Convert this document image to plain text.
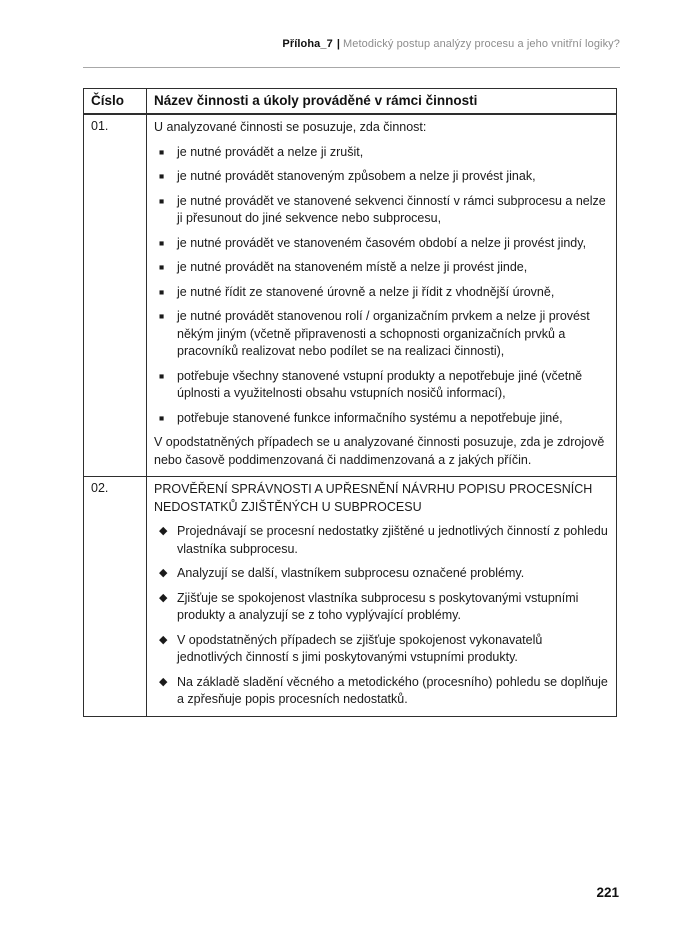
Příloha_7 | Metodický postup analýzy procesu a jeho vnitřní logiky?
Číslo	Název činnosti a úkoly prováděné v rámci činnosti
01.	U analyzované činnosti se posuzuje, zda činnost:

■	je nutné provádět a nelze ji zrušit,
■	je nutné provádět stanoveným způsobem a nelze ji provést jinak,
■	je nutné provádět ve stanovené sekvenci činností v rámci subprocesu a nelze ji přesunout do jiné sekvence nebo subprocesu,
■	je nutné provádět ve stanoveném časovém období a nelze ji provést jindy,
■	je nutné provádět na stanoveném místě a nelze ji provést jinde,
■	je nutné řídit ze stanovené úrovně a nelze ji řídit z vhodnější úrovně,
■	je nutné provádět stanovenou rolí / organizačním prvkem a nelze ji provést někým jiným (včetně připravenosti a schopnosti organizačních prvků a pracovníků realizovat nebo podílet se na realizaci činnosti),
■	potřebuje všechny stanovené vstupní produkty a nepotřebuje jiné (včetně úplnosti a využitelnosti obsahu vstupních nosičů informací),
■	potřebuje stanovené funkce informačního systému a nepotřebuje jiné,

V opodstatněných případech se u analyzované činnosti posuzuje, zda je zdrojově nebo časově poddimenzovaná či naddimenzovaná a z jakých příčin.

02.	PROVĚŘENÍ SPRÁVNOSTI A UPŘESNĚNÍ NÁVRHU POPISU PROCESNÍCH NEDOSTATKŮ ZJIŠTĚNÝCH U SUBPROCESU

◆ Projednávají se procesní nedostatky zjištěné u jednotlivých činností z pohledu vlastníka subprocesu.
◆ Analyzují se další, vlastníkem subprocesu označené problémy.
◆ Zjišťuje se spokojenost vlastníka subprocesu s poskytovanými vstupními produkty a analyzují se z toho vyplývající problémy.
◆ V opodstatněných případech se zjišťuje spokojenost vykonavatelů jednotlivých činností s jimi poskytovanými vstupními produkty.
◆ Na základě sladění věcného a metodického (procesního) pohledu se doplňuje a zpřesňuje popis procesních nedostatků.
221
